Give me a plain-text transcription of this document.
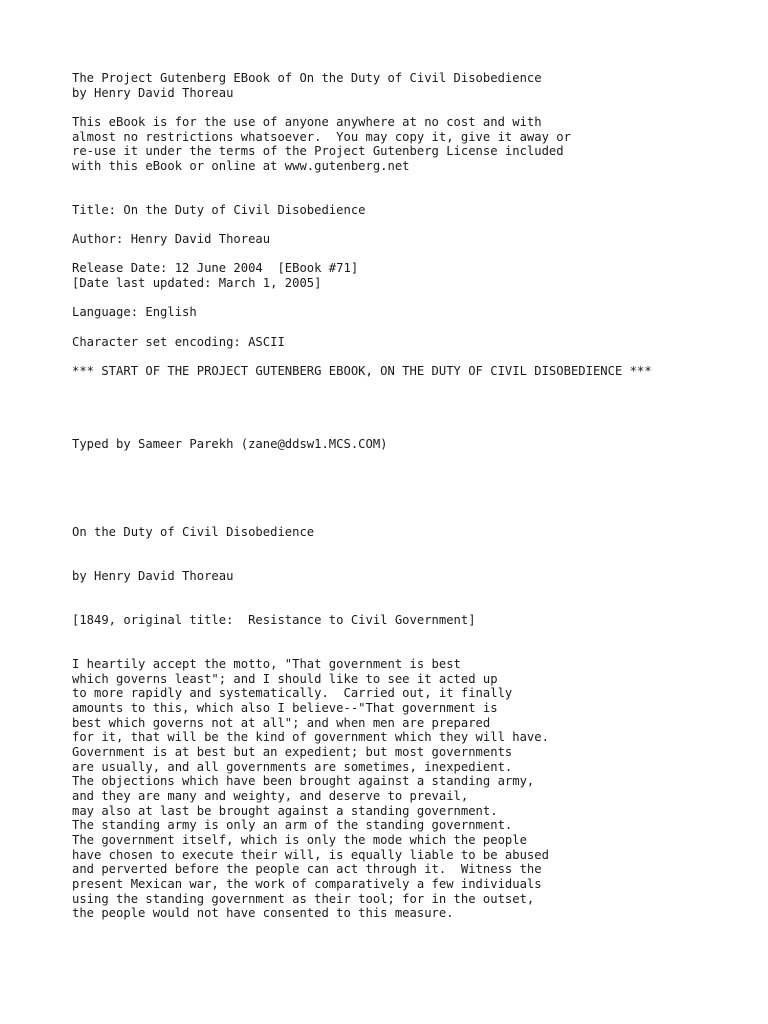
The Project Gutenberg EBook of On the Duty of Civil Disobedience
by Henry David Thoreau
This eBook is for the use of anyone anywhere at no cost and with
almost no restrictions whatsoever.  You may copy it, give it away or
re-use it under the terms of the Project Gutenberg License included
with this eBook or online at www.gutenberg.net
Title: On the Duty of Civil Disobedience
Author: Henry David Thoreau
Release Date: 12 June 2004  [EBook #71]
[Date last updated: March 1, 2005]
Language: English
Character set encoding: ASCII
*** START OF THE PROJECT GUTENBERG EBOOK, ON THE DUTY OF CIVIL DISOBEDIENCE ***
Typed by Sameer Parekh (zane@ddsw1.MCS.COM)
On the Duty of Civil Disobedience
by Henry David Thoreau
[1849, original title:  Resistance to Civil Government]
I heartily accept the motto, "That government is best
which governs least"; and I should like to see it acted up
to more rapidly and systematically.  Carried out, it finally
amounts to this, which also I believe--"That government is
best which governs not at all"; and when men are prepared
for it, that will be the kind of government which they will have.
Government is at best but an expedient; but most governments
are usually, and all governments are sometimes, inexpedient.
The objections which have been brought against a standing army,
and they are many and weighty, and deserve to prevail,
may also at last be brought against a standing government.
The standing army is only an arm of the standing government.
The government itself, which is only the mode which the people
have chosen to execute their will, is equally liable to be abused
and perverted before the people can act through it.  Witness the
present Mexican war, the work of comparatively a few individuals
using the standing government as their tool; for in the outset,
the people would not have consented to this measure.
